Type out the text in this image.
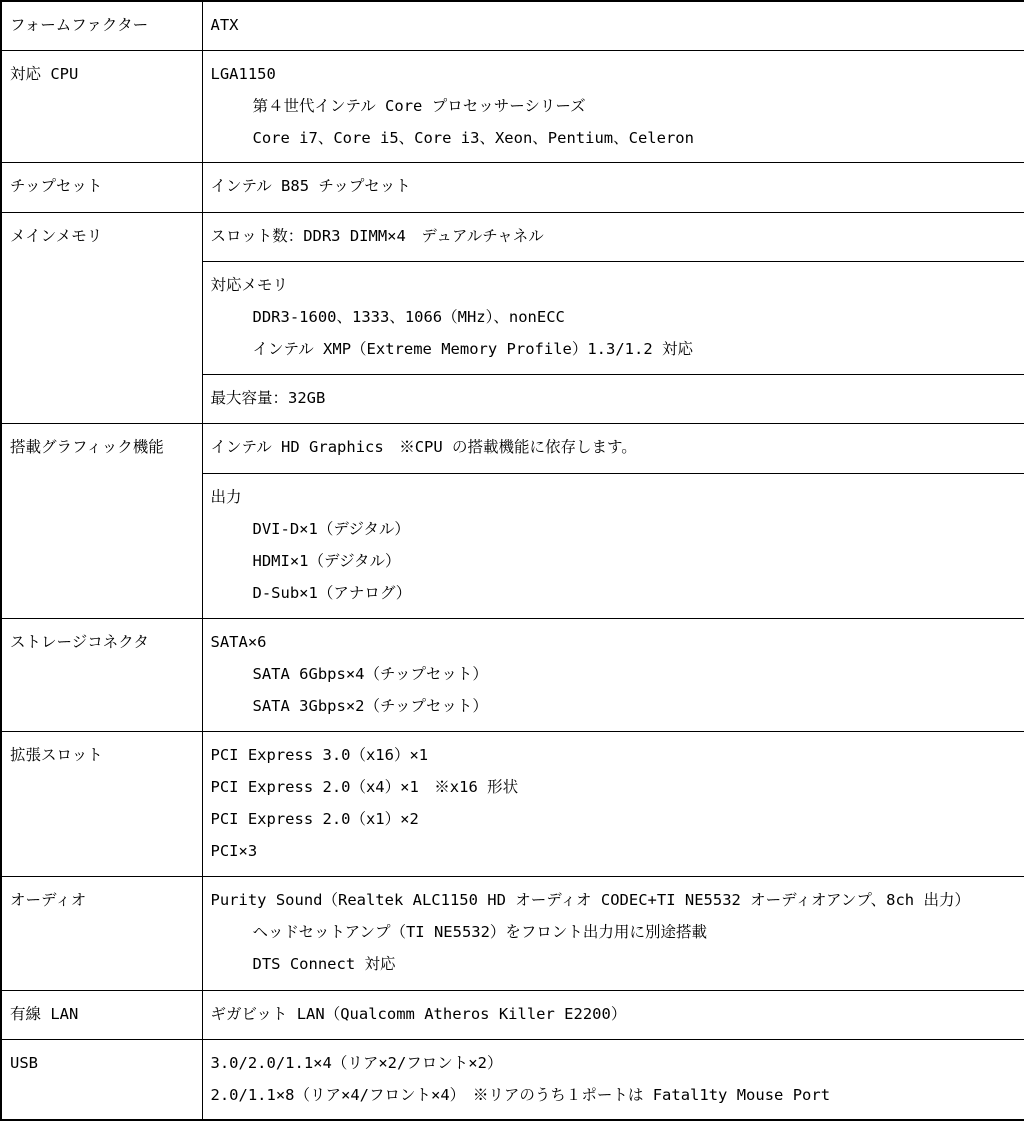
フォームファクター	ATX
対応 CPU	LGA1150
第４世代インテル Core プロセッサーシリーズ
Core i7、Core i5、Core i3、Xeon、Pentium、Celeron

チップセット	インテル B85 チップセット
メインメモリ	スロット数：DDR3 DIMM×4　デュアルチャネル

	対応メモリ
DDR3-1600、1333、1066（MHz）、nonECC
インテル XMP（Extreme Memory Profile）1.3/1.2 対応

	最大容量：32GB
搭載グラフィック機能	インテル HD Graphics　※CPU の搭載機能に依存します。

	出力
DVI-D×1（デジタル）
HDMI×1（デジタル）
D-Sub×1（アナログ）

ストレージコネクタ	SATA×6
SATA 6Gbps×4（チップセット）
SATA 3Gbps×2（チップセット）

拡張スロット	PCI Express 3.0（x16）×1
PCI Express 2.0（x4）×1　※x16 形状
PCI Express 2.0（x1）×2
PCI×3

オーディオ	Purity Sound（Realtek ALC1150 HD オーディオ CODEC+TI NE5532 オーディオアンプ、8ch 出力）
ヘッドセットアンプ（TI NE5532）をフロント出力用に別途搭載
DTS Connect 対応

有線 LAN	ギガビット LAN（Qualcomm Atheros Killer E2200）
USB	3.0/2.0/1.1×4（リア×2/フロント×2）
2.0/1.1×8（リア×4/フロント×4）　※リアのうち１ポートは Fatal1ty Mouse Port
